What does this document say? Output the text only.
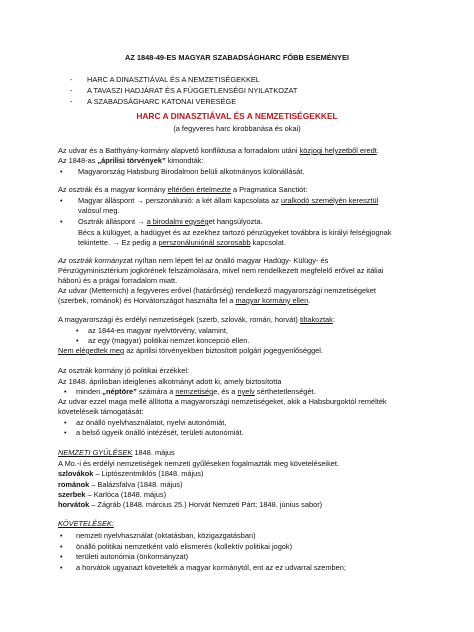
AZ 1848-49-ES MAGYAR SZABADSÁGHARC FŐBB ESEMÉNYEI
- HARC A DINASZTIÁVAL ÉS A NEMZETISÉGEKKEL
- A TAVASZI HADJÁRAT ÉS A FÜGGETLENSÉGI NYILATKOZAT
- A SZABADSÁGHARC KATONAI VERESÉGE
HARC A DINASZTIÁVAL ÉS A NEMZETISÉGEKKEL
(a fegyveres harc kirobbanása és okai)
Az udvar és a Batthyány-kormány alapvető konfliktusa a forradalom utáni közjogi helyzetből eredt.
Az 1848-as „áprilisi törvények” kimondták:
• Magyarország Habsburg Birodalmon belüli alkotmányos különállását.
Az osztrák és a magyar kormány eltérően értelmezte a Pragmatica Sanctiót:
• Magyar álláspont → perszonálunió: a két állam kapcsolata az uralkodó személyén keresztül
valósul meg.
• Osztrák álláspont → a birodalmi egységet hangsúlyozta.
Bécs a külügyet, a hadügyet és az ezekhez tartozó pénzügyeket továbbra is királyi felségjognak
tekintette. → Ez pedig a perszonáluniónál szorosabb kapcsolat.
Az osztrák kormányzat nyíltan nem lépett fel az önálló magyar Hadügy- Külügy- és
Pénzügyminisztérium jogkörének felszámolására, mivel nem rendelkezett megfelelő erővel az itáliai
háború és a prágai forradalom miatt.
Az udvar (Metternich) a fegyveres erővel (határőrség) rendelkező magyarországi nemzetiségeket
(szerbek, románok) és Horvátországot használta fel a magyar kormány ellen.
A magyarországi és erdélyi nemzetiségek (szerb, szlovák, román, horvát) tiltakoztak:
• az 1844-es magyar nyelvtörvény, valamint,
• az egy (magyar) politikai nemzet koncepció ellen.
Nem elégedtek meg az áprilisi törvényekben biztosított polgári jogegyenlőséggel.
Az osztrák kormány jó politikai érzékkel:
Az 1848. áprilisban ideiglenes alkotmányt adott ki, amely biztosította
• minden „néptöre” számára a nemzetisége, és a nyelv sérthetetlenségét.
Az udvar ezzel maga mellé állította a magyarországi nemzetiségeket, akik a Habsburgoktól remélték
követeléseik támogatását:
• az önálló nyelvhasználatot, nyelvi autonómiát,
• a belső ügyeik önálló intézését, területi autonómiát.
NEMZETI GYŰLÉSEK 1848. május
A Mo.-i és erdélyi nemzetiségek nemzeti gyűléseken fogalmazták meg követeléseiket.
szlovákok – Liptószentmiklós (1848. május)
románok – Balázsfalva (1848. május)
szerbek – Karlóca (1848. május)
horvátok – Zágráb (1848. március 25.) Horvát Nemzeti Párt; 1848. június sabor)
KÖVETELÉSEK:
• nemzeti nyelvhasználat (oktatásban, közigazgatásban)
• önálló politikai nemzetként való elismerés (kollektív politikai jogok)
• területi autonómia (önkormányzat)
• a horvátok ugyanazt követelték a magyar kormánytól, ent az ez udvarral szemben;
